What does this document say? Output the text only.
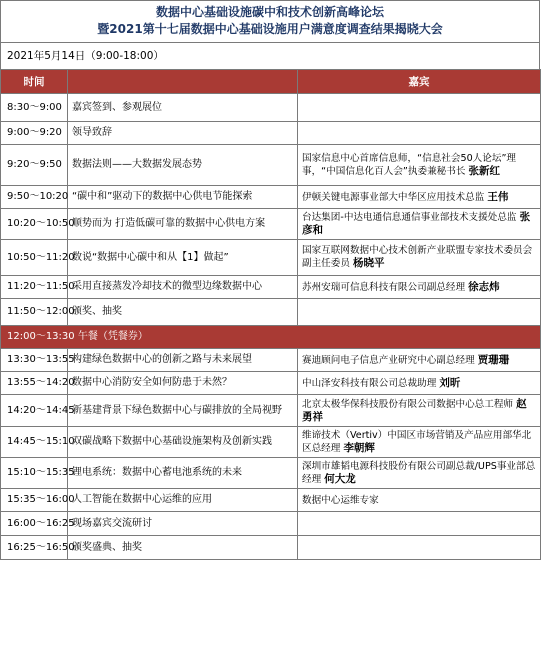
数据中心基础设施碳中和技术创新高峰论坛
暨2021第十七届数据中心基础设施用户满意度调查结果揭晓大会
2021年5月14日（9:00-18:00）
时间		嘉宾
8:30～9:00	嘉宾签到、参观展位	
9:00～9:20	领导致辞	
9:20～9:50	数据法则——大数据发展态势	国家信息中心首席信息师，“信息社会50人论坛”理事，“中国信息化百人会”执委兼秘书长 张新红
9:50～10:20	“碳中和”驱动下的数据中心供电节能探索	伊顿关键电源事业部大中华区应用技术总监 王伟
10:20～10:50	顺势而为 打造低碳可靠的数据中心供电方案	台达集团-中达电通信息通信事业部技术支援处总监 张彦和
10:50～11:20	数说“数据中心碳中和从【1】做起”	国家互联网数据中心技术创新产业联盟专家技术委员会副主任委员 杨晓平
11:20～11:50	采用直接蒸发冷却技术的微型边缘数据中心	苏州安瑞可信息科技有限公司副总经理 徐志炜
11:50～12:00	颁奖、抽奖	
12:00～13:30 午餐（凭餐券）		
13:30～13:55	构建绿色数据中心的创新之路与未来展望	赛迪顾问电子信息产业研究中心副总经理 贾珊珊
13:55～14:20	数据中心消防安全如何防患于未然？	中山泽安科技有限公司总裁助理 刘昕
14:20～14:45	新基建背景下绿色数据中心与碳排放的全局视野	北京太极华保科技股份有限公司数据中心总工程师 赵勇祥
14:45～15:10	双碳战略下数据中心基础设施架构及创新实践	维谛技术（Vertiv）中国区市场营销及产品应用部华北区总经理 李朝辉
15:10～15:35	锂电系统：数据中心蓄电池系统的未来	深圳市雄韬电源科技股份有限公司副总裁/UPS事业部总经理 何大龙
15:35～16:00	人工智能在数据中心运维的应用	数据中心运维专家
16:00～16:25	现场嘉宾交流研讨	
16:25～16:50	颁奖盛典、抽奖	
